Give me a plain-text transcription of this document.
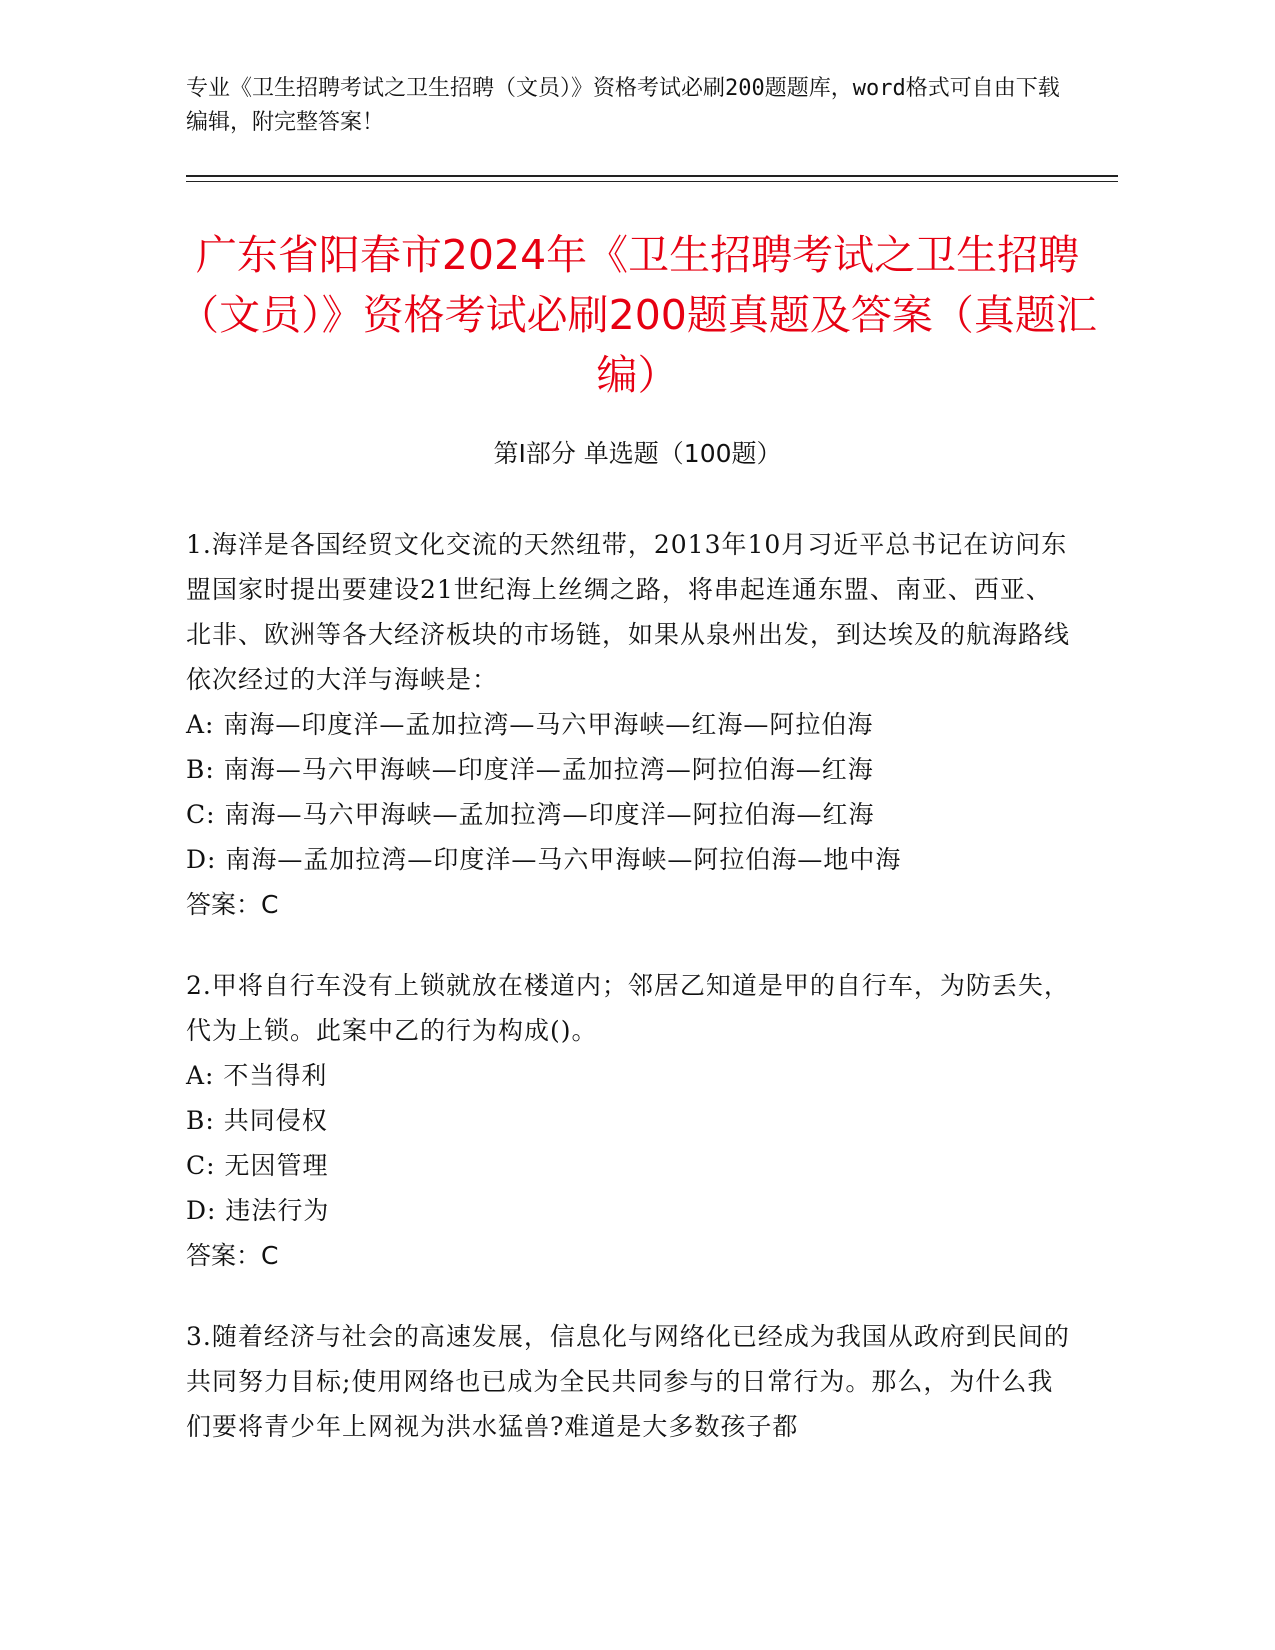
专业《卫生招聘考试之卫生招聘（文员）》资格考试必刷200题题库，word格式可自由下载编辑，附完整答案！
广东省阳春市2024年《卫生招聘考试之卫生招聘（文员）》资格考试必刷200题真题及答案（真题汇编）
第Ⅰ部分 单选题（100题）
1.海洋是各国经贸文化交流的天然纽带，2013年10月习近平总书记在访问东盟国家时提出要建设21世纪海上丝绸之路，将串起连通东盟、南亚、西亚、北非、欧洲等各大经济板块的市场链，如果从泉州出发，到达埃及的航海路线依次经过的大洋与海峡是：
A: 南海—印度洋—孟加拉湾—马六甲海峡—红海—阿拉伯海
B: 南海—马六甲海峡—印度洋—孟加拉湾—阿拉伯海—红海
C: 南海—马六甲海峡—孟加拉湾—印度洋—阿拉伯海—红海
D: 南海—孟加拉湾—印度洋—马六甲海峡—阿拉伯海—地中海
答案：C
2.甲将自行车没有上锁就放在楼道内；邻居乙知道是甲的自行车，为防丢失，代为上锁。此案中乙的行为构成()。
A: 不当得利
B: 共同侵权
C: 无因管理
D: 违法行为
答案：C
3.随着经济与社会的高速发展，信息化与网络化已经成为我国从政府到民间的共同努力目标;使用网络也已成为全民共同参与的日常行为。那么，为什么我们要将青少年上网视为洪水猛兽?难道是大多数孩子都
